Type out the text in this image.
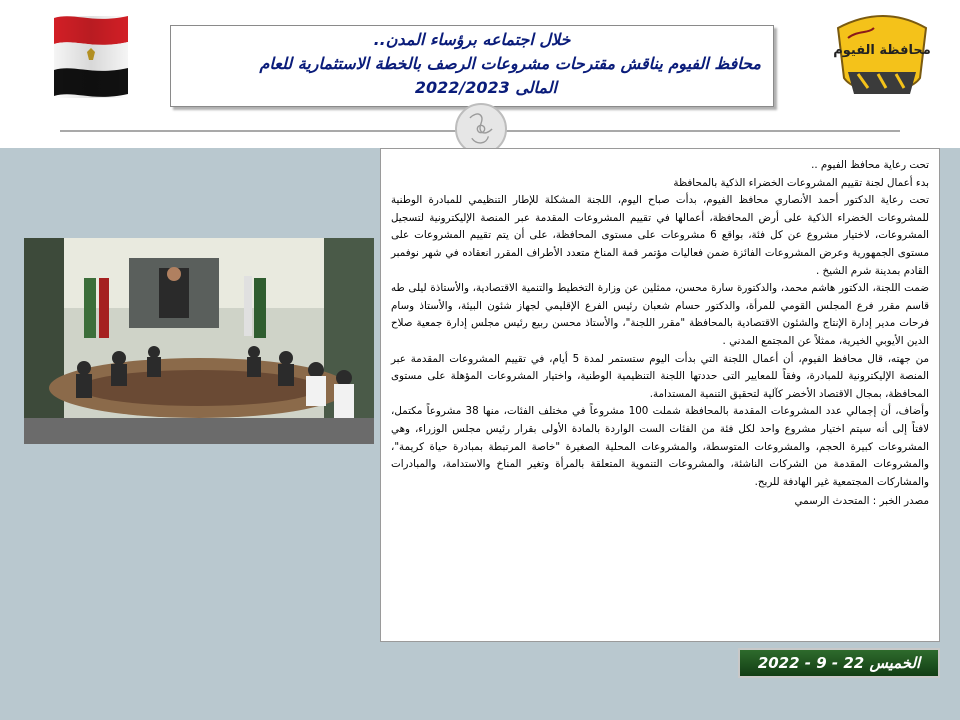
محافظة الفيوم
خلال اجتماعه برؤساء المدن..
محافظ الفيوم يناقش مقترحات مشروعات الرصف بالخطة الاستثمارية للعام
المالى 2022/2023

تحت رعاية محافظ الفيوم ..

بدء أعمال لجنة تقييم المشروعات الخضراء الذكية بالمحافظة

تحت رعاية الدكتور أحمد الأنصاري محافظ الفيوم، بدأت صباح اليوم، اللجنة المشكلة للإطار التنظيمي للمبادرة الوطنية للمشروعات الخضراء الذكية على أرض المحافظة، أعمالها في تقييم المشروعات المقدمة عبر المنصة الإليكترونية لتسجيل المشروعات، لاختيار مشروع عن كل فئة، بواقع 6 مشروعات على مستوى المحافظة، على أن يتم تقييم المشروعات على مستوى الجمهورية وعرض المشروعات الفائزة ضمن فعاليات مؤتمر قمة المناخ متعدد الأطراف المقرر انعقاده في شهر نوفمبر القادم بمدينة شرم الشيخ .

ضمت اللجنة، الدكتور هاشم محمد، والدكتورة سارة محسن، ممثلين عن وزارة التخطيط والتنمية الاقتصادية، والأستاذة ليلى طه قاسم مقرر فرع المجلس القومي للمرأة، والدكتور حسام شعبان رئيس الفرع الإقليمي لجهاز شئون البيئة، والأستاذ وسام فرحات مدير إدارة الإنتاج والشئون الاقتصادية بالمحافظة "مقرر اللجنة"، والأستاذ محسن ربيع رئيس مجلس إدارة جمعية صلاح الدين الأيوبي الخيرية، ممثلاً عن المجتمع المدني .

من جهته، قال محافظ الفيوم، أن أعمال اللجنة التي بدأت اليوم ستستمر لمدة 5 أيام، في تقييم المشروعات المقدمة عبر المنصة الإليكترونية للمبادرة، وفقاً للمعايير التى حددتها اللجنة التنظيمية الوطنية، واختيار المشروعات المؤهلة على مستوى المحافظة، بمجال الاقتصاد الأخضر كآلية لتحقيق التنمية المستدامة.

وأضاف، أن إجمالي عدد المشروعات المقدمة بالمحافظة شملت 100 مشروعاً في مختلف الفئات، منها 38 مشروعاً مكتمل، لافتاً إلى أنه سيتم اختيار مشروع واحد لكل فئة من الفئات الست الواردة بالمادة الأولى بقرار رئيس مجلس الوزراء، وهي المشروعات كبيرة الحجم، والمشروعات المتوسطة، والمشروعات المحلية الصغيرة "خاصة المرتبطة بمبادرة حياة كريمة"، والمشروعات المقدمة من الشركات الناشئة، والمشروعات التنموية المتعلقة بالمرأة وتغير المناخ والاستدامة، والمبادرات والمشاركات المجتمعية غير الهادفة للربح.

مصدر الخبر : المتحدث الرسمي

الخميس 22 - 9 - 2022
